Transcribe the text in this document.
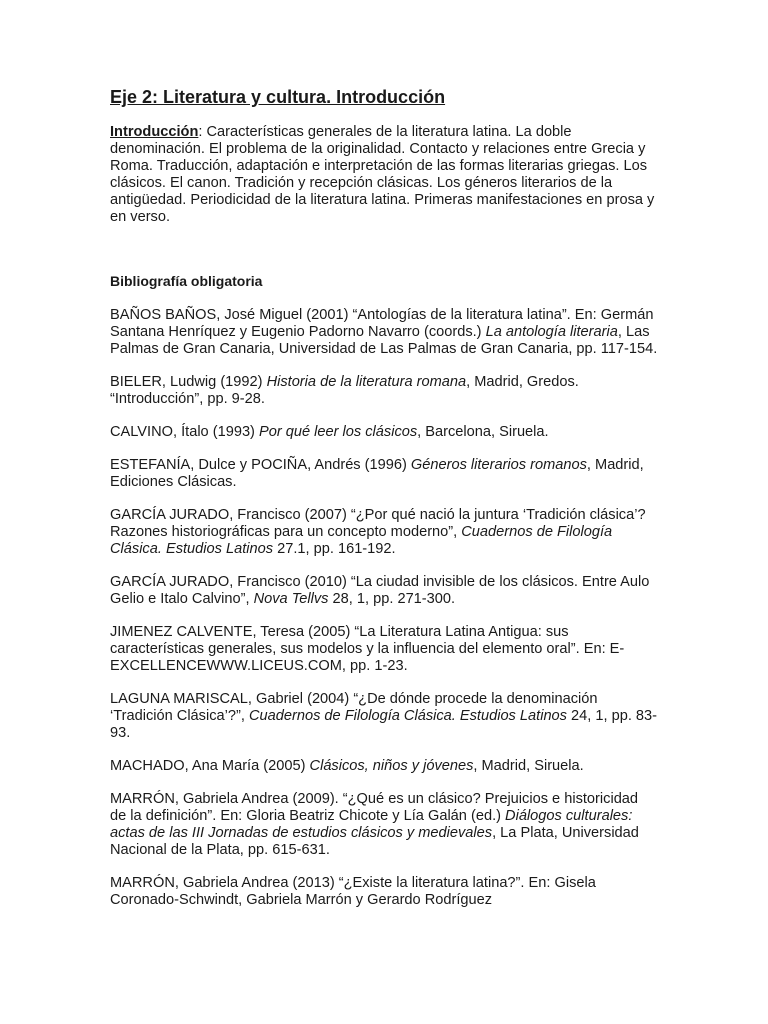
Eje 2: Literatura y cultura. Introducción

Introducción: Características generales de la literatura latina. La doble denominación. El problema de la originalidad. Contacto y relaciones entre Grecia y Roma. Traducción, adaptación e interpretación de las formas literarias griegas. Los clásicos. El canon. Tradición y recepción clásicas. Los géneros literarios de la antigüedad. Periodicidad de la literatura latina. Primeras manifestaciones en prosa y en verso.

Bibliografía obligatoria
BAÑOS BAÑOS, José Miguel (2001) “Antologías de la literatura latina”. En: Germán Santana Henríquez y Eugenio Padorno Navarro (coords.) La antología literaria, Las Palmas de Gran Canaria, Universidad de Las Palmas de Gran Canaria, pp. 117-154.
BIELER, Ludwig (1992) Historia de la literatura romana, Madrid, Gredos. “Introducción”, pp. 9-28.
CALVINO, Ítalo (1993) Por qué leer los clásicos, Barcelona, Siruela.
ESTEFANÍA, Dulce y POCIÑA, Andrés (1996) Géneros literarios romanos, Madrid, Ediciones Clásicas.
GARCÍA JURADO, Francisco (2007) “¿Por qué nació la juntura ‘Tradición clásica’? Razones historiográficas para un concepto moderno”, Cuadernos de Filología Clásica. Estudios Latinos 27.1, pp. 161-192.
GARCÍA JURADO, Francisco (2010) “La ciudad invisible de los clásicos. Entre Aulo Gelio e Italo Calvino”, Nova Tellvs 28, 1, pp. 271-300.
JIMENEZ CALVENTE, Teresa (2005) “La Literatura Latina Antigua: sus características generales, sus modelos y la influencia del elemento oral”. En: E-EXCELLENCEWWW.LICEUS.COM, pp. 1-23.
LAGUNA MARISCAL, Gabriel (2004) “¿De dónde procede la denominación ‘Tradición Clásica’?”, Cuadernos de Filología Clásica. Estudios Latinos 24, 1, pp. 83-93.
MACHADO, Ana María (2005) Clásicos, niños y jóvenes, Madrid, Siruela.
MARRÓN, Gabriela Andrea (2009). “¿Qué es un clásico? Prejuicios e historicidad de la definición”. En: Gloria Beatriz Chicote y Lía Galán (ed.) Diálogos culturales: actas de las III Jornadas de estudios clásicos y medievales, La Plata, Universidad Nacional de la Plata, pp. 615-631.
MARRÓN, Gabriela Andrea (2013) “¿Existe la literatura latina?”. En: Gisela Coronado-Schwindt, Gabriela Marrón y Gerardo Rodríguez
